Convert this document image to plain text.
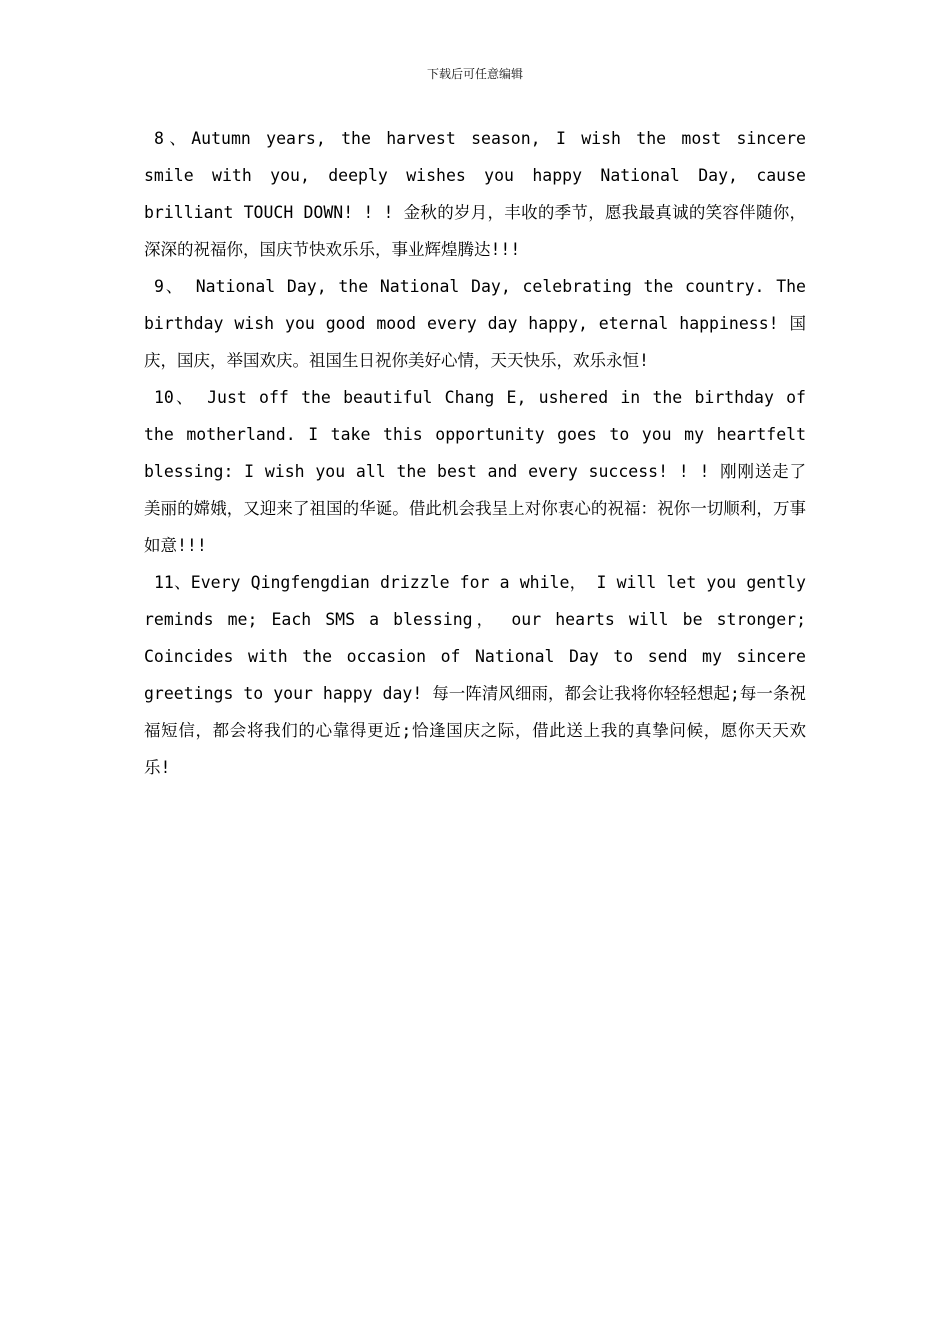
下载后可任意编辑

8、Autumn years, the harvest season, I wish the most sincere smile with you, deeply wishes you happy National Day, cause brilliant TOUCH DOWN! ! ! 金秋的岁月，丰收的季节，愿我最真诚的笑容伴随你，深深的祝福你，国庆节快欢乐乐，事业辉煌腾达!!!

9、 National Day, the National Day, celebrating the country. The birthday wish you good mood every day happy, eternal happiness! 国庆，国庆，举国欢庆。祖国生日祝你美好心情，天天快乐，欢乐永恒!

10、 Just off the beautiful Chang E, ushered in the birthday of the motherland. I take this opportunity goes to you my heartfelt blessing: I wish you all the best and every success! ! ! 刚刚送走了美丽的嫦娥，又迎来了祖国的华诞。借此机会我呈上对你衷心的祝福：祝你一切顺利，万事如意!!!

11、Every Qingfengdian drizzle for a while， I will let you gently reminds me; Each SMS a blessing， our hearts will be stronger; Coincides with the occasion of National Day to send my sincere greetings to your happy day! 每一阵清风细雨，都会让我将你轻轻想起;每一条祝福短信，都会将我们的心靠得更近;恰逢国庆之际，借此送上我的真挚问候，愿你天天欢乐!
